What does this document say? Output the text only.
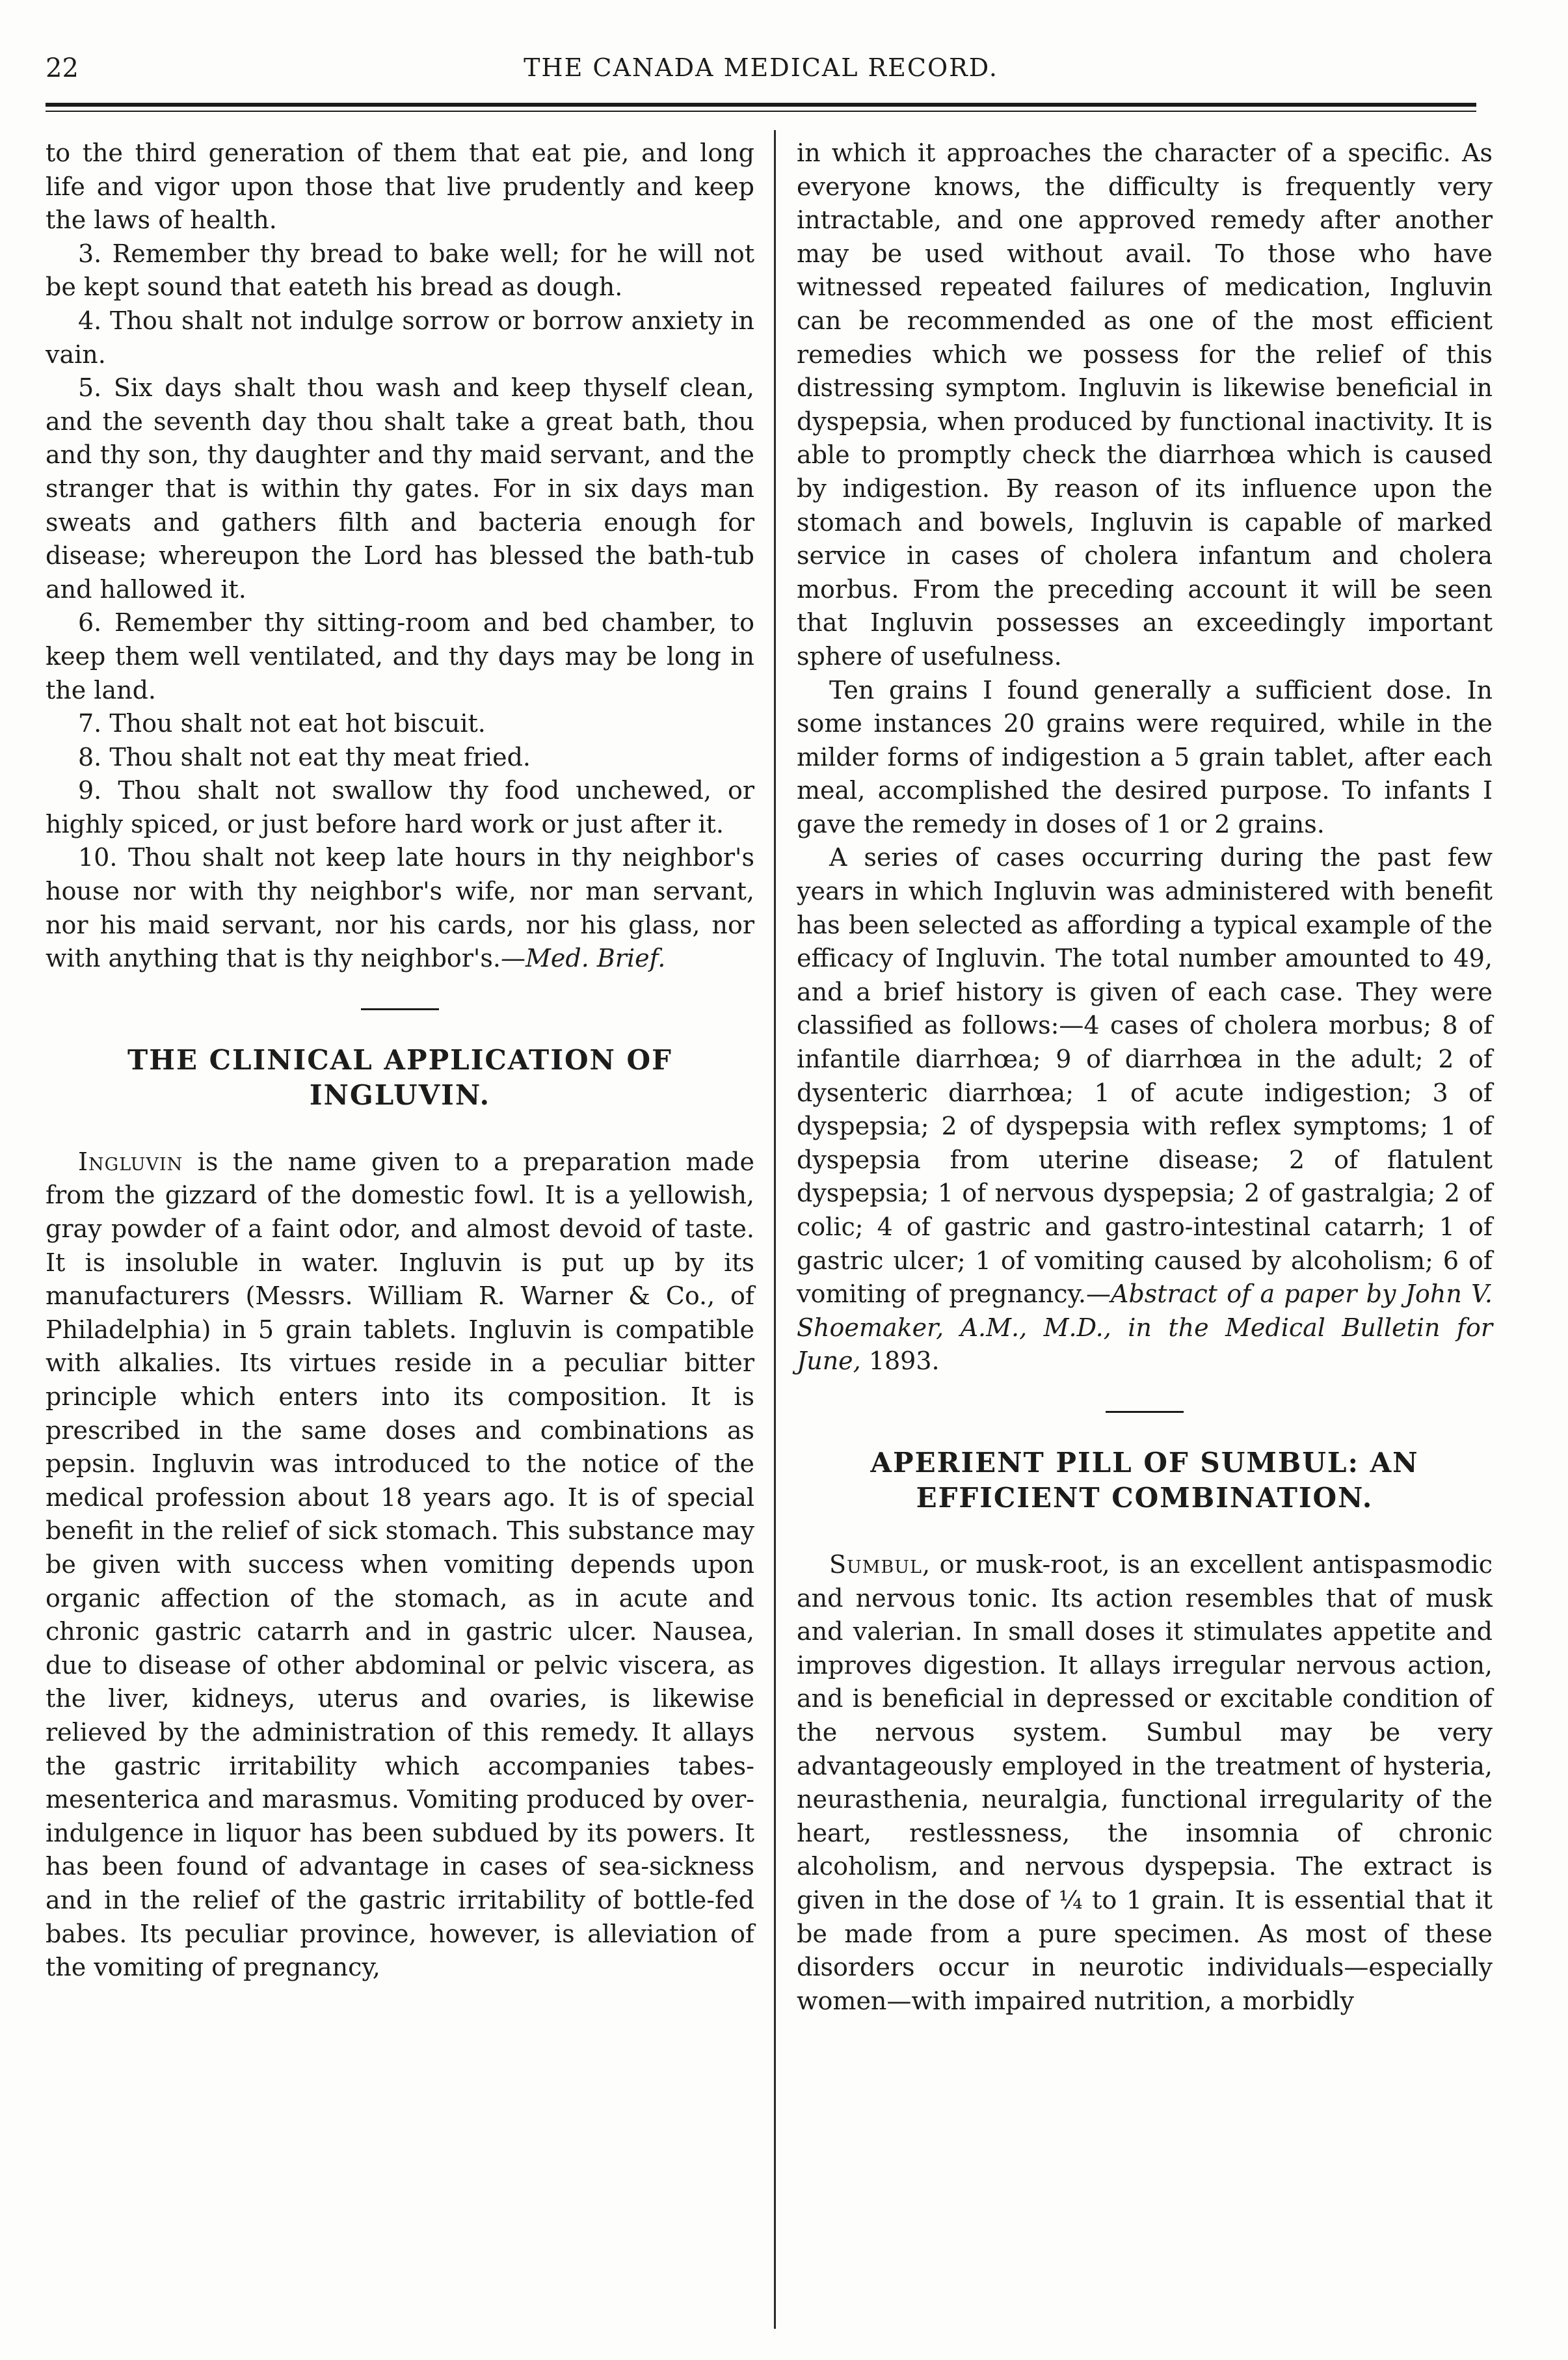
22	THE CANADA MEDICAL RECORD.

to the third generation of them that eat pie, and long life and vigor upon those that live prudently and keep the laws of health.

3. Remember thy bread to bake well; for he will not be kept sound that eateth his bread as dough.

4. Thou shalt not indulge sorrow or borrow anxiety in vain.

5. Six days shalt thou wash and keep thyself clean, and the seventh day thou shalt take a great bath, thou and thy son, thy daughter and thy maid servant, and the stranger that is within thy gates. For in six days man sweats and gathers filth and bacteria enough for disease; whereupon the Lord has blessed the bath-tub and hallowed it.

6. Remember thy sitting-room and bed chamber, to keep them well ventilated, and thy days may be long in the land.

7. Thou shalt not eat hot biscuit.

8. Thou shalt not eat thy meat fried.

9. Thou shalt not swallow thy food unchewed, or highly spiced, or just before hard work or just after it.

10. Thou shalt not keep late hours in thy neighbor's house nor with thy neighbor's wife, nor man servant, nor his maid servant, nor his cards, nor his glass, nor with anything that is thy neighbor's.—Med. Brief.

THE CLINICAL APPLICATION OF INGLUVIN.

Ingluvin is the name given to a preparation made from the gizzard of the domestic fowl. It is a yellowish, gray powder of a faint odor, and almost devoid of taste. It is insoluble in water. Ingluvin is put up by its manufacturers (Messrs. William R. Warner & Co., of Philadelphia) in 5 grain tablets. Ingluvin is compatible with alkalies. Its virtues reside in a peculiar bitter principle which enters into its composition. It is prescribed in the same doses and combinations as pepsin. Ingluvin was introduced to the notice of the medical profession about 18 years ago. It is of special benefit in the relief of sick stomach. This substance may be given with success when vomiting depends upon organic affection of the stomach, as in acute and chronic gastric catarrh and in gastric ulcer. Nausea, due to disease of other abdominal or pelvic viscera, as the liver, kidneys, uterus and ovaries, is likewise relieved by the administration of this remedy. It allays the gastric irritability which accompanies tabes-mesenterica and marasmus. Vomiting produced by over-indulgence in liquor has been subdued by its powers. It has been found of advantage in cases of sea-sickness and in the relief of the gastric irritability of bottle-fed babes. Its peculiar province, however, is alleviation of the vomiting of pregnancy,

in which it approaches the character of a specific. As everyone knows, the difficulty is frequently very intractable, and one approved remedy after another may be used without avail. To those who have witnessed repeated failures of medication, Ingluvin can be recommended as one of the most efficient remedies which we possess for the relief of this distressing symptom. Ingluvin is likewise beneficial in dyspepsia, when produced by functional inactivity. It is able to promptly check the diarrhœa which is caused by indigestion. By reason of its influence upon the stomach and bowels, Ingluvin is capable of marked service in cases of cholera infantum and cholera morbus. From the preceding account it will be seen that Ingluvin possesses an exceedingly important sphere of usefulness.

Ten grains I found generally a sufficient dose. In some instances 20 grains were required, while in the milder forms of indigestion a 5 grain tablet, after each meal, accomplished the desired purpose. To infants I gave the remedy in doses of 1 or 2 grains.

A series of cases occurring during the past few years in which Ingluvin was administered with benefit has been selected as affording a typical example of the efficacy of Ingluvin. The total number amounted to 49, and a brief history is given of each case. They were classified as follows:—4 cases of cholera morbus; 8 of infantile diarrhœa; 9 of diarrhœa in the adult; 2 of dysenteric diarrhœa; 1 of acute indigestion; 3 of dyspepsia; 2 of dyspepsia with reflex symptoms; 1 of dyspepsia from uterine disease; 2 of flatulent dyspepsia; 1 of nervous dyspepsia; 2 of gastralgia; 2 of colic; 4 of gastric and gastro-intestinal catarrh; 1 of gastric ulcer; 1 of vomiting caused by alcoholism; 6 of vomiting of pregnancy.—Abstract of a paper by John V. Shoemaker, A.M., M.D., in the Medical Bulletin for June, 1893.

APERIENT PILL OF SUMBUL: AN EFFICIENT COMBINATION.

Sumbul, or musk-root, is an excellent antispasmodic and nervous tonic. Its action resembles that of musk and valerian. In small doses it stimulates appetite and improves digestion. It allays irregular nervous action, and is beneficial in depressed or excitable condition of the nervous system. Sumbul may be very advantageously employed in the treatment of hysteria, neurasthenia, neuralgia, functional irregularity of the heart, restlessness, the insomnia of chronic alcoholism, and nervous dyspepsia. The extract is given in the dose of ¼ to 1 grain. It is essential that it be made from a pure specimen. As most of these disorders occur in neurotic individuals—especially women—with impaired nutrition, a morbidly
